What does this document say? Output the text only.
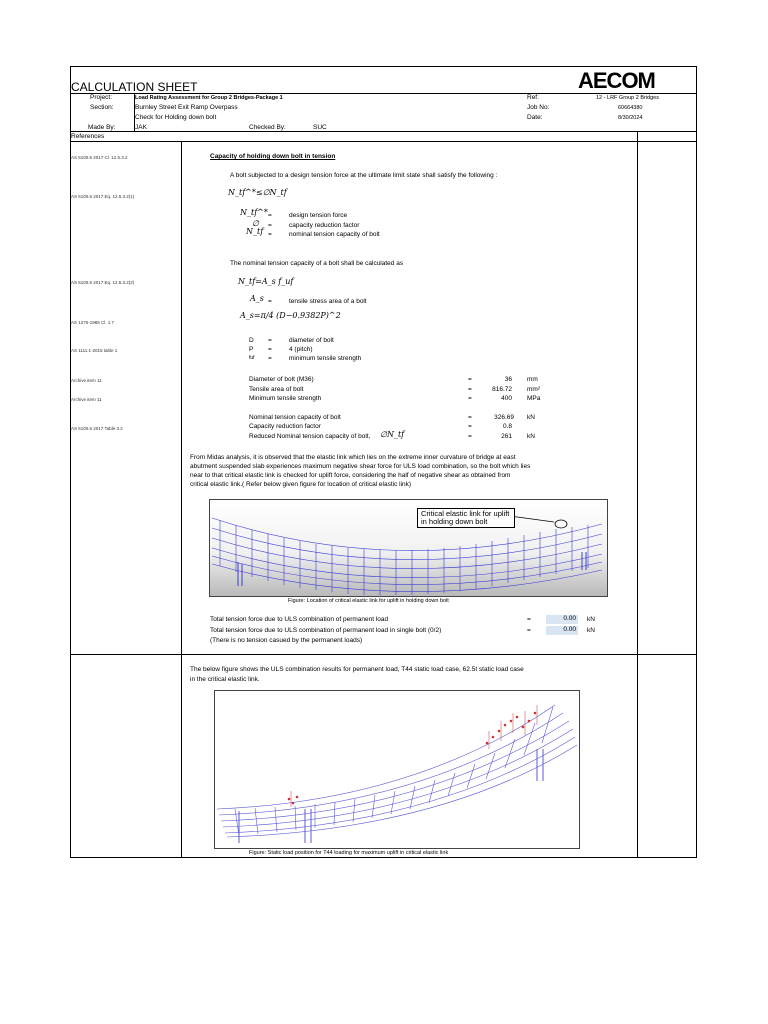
CALCULATION SHEET	AECOM
Project:	Load Rating Assessment for Group 2 Bridges-Package 1
Section:	Burnley Street Exit Ramp Overpass
Check for Holding down bolt
Made By:	JAK	Checked By:	SUC
Ref:	12 - LRF Group 2 Bridges
Job No:	60664380
Date:	8/30/2024
References
AS 5100.6 2017 Cl. 12.5.3.2
AS 5100.6 2017 Eq. 12.5.3.2(1)
AS 5100.6 2017 Eq. 12.5.3.2(2)
AS 1275-1985 Cl. 1.7
AS 1111.1-2015 table 1
Archive item 11
Archive item 11
AS 5100.6 2017 Table 3.2
Capacity of holding down bolt in tension
A bolt subjected to a design tension force at the ultimate limit state shall satisfy the following :
N_tf^*≤∅N_tf
N_tf^* =	design tension force
∅ =	capacity reduction factor
N_tf =	nominal tension capacity of bolt
The nominal tension capacity of a bolt shall be calculated as
N_tf=A_s f_uf
A_s =	tensile stress area of a bolt
A_s=π/4 (D−0.9382P)^2
D =	diameter of bolt
P =	4 (pitch)
fuf =	minimum tensile strength
Diameter of bolt (M36)	=	36 mm
Tensile area of bolt	=	816.72 mm²
Minimum tensile strength	=	400 MPa
Nominal tension capacity of bolt	=	326.69 kN
Capacity reduction factor	=	0.8
Reduced Nominal tension capacity of bolt, ∅N_tf	=	261 kN
From Midas analysis, it is observed that the elastic link which lies on the extreme inner curvature of bridge at east
abutment suspended slab experiences maximum negative shear force for ULS load combination, so the bolt which lies
near to that critical elastic link is checked for uplift force, considering the half of negative shear as obtained from
critical elastic link.( Refer below given figure for location of critical elastic link)
Critical elastic link for uplift in holding down bolt
Figure: Location of critical elastic link for uplift in holding down bolt
Total tension force due to ULS combination of permanent load	=	0.00	kN
Total tension force due to ULS combination of permanent load in single bolt (0/2)	=	0.00	kN
(There is no tension casued by the permanent loads)
The below figure shows the ULS combination results for permanent load, T44 static load case, 62.5t static load case
in the critical elastic link.
Figure: Static load position for T44 loading for maximum uplift in critical elastic link
